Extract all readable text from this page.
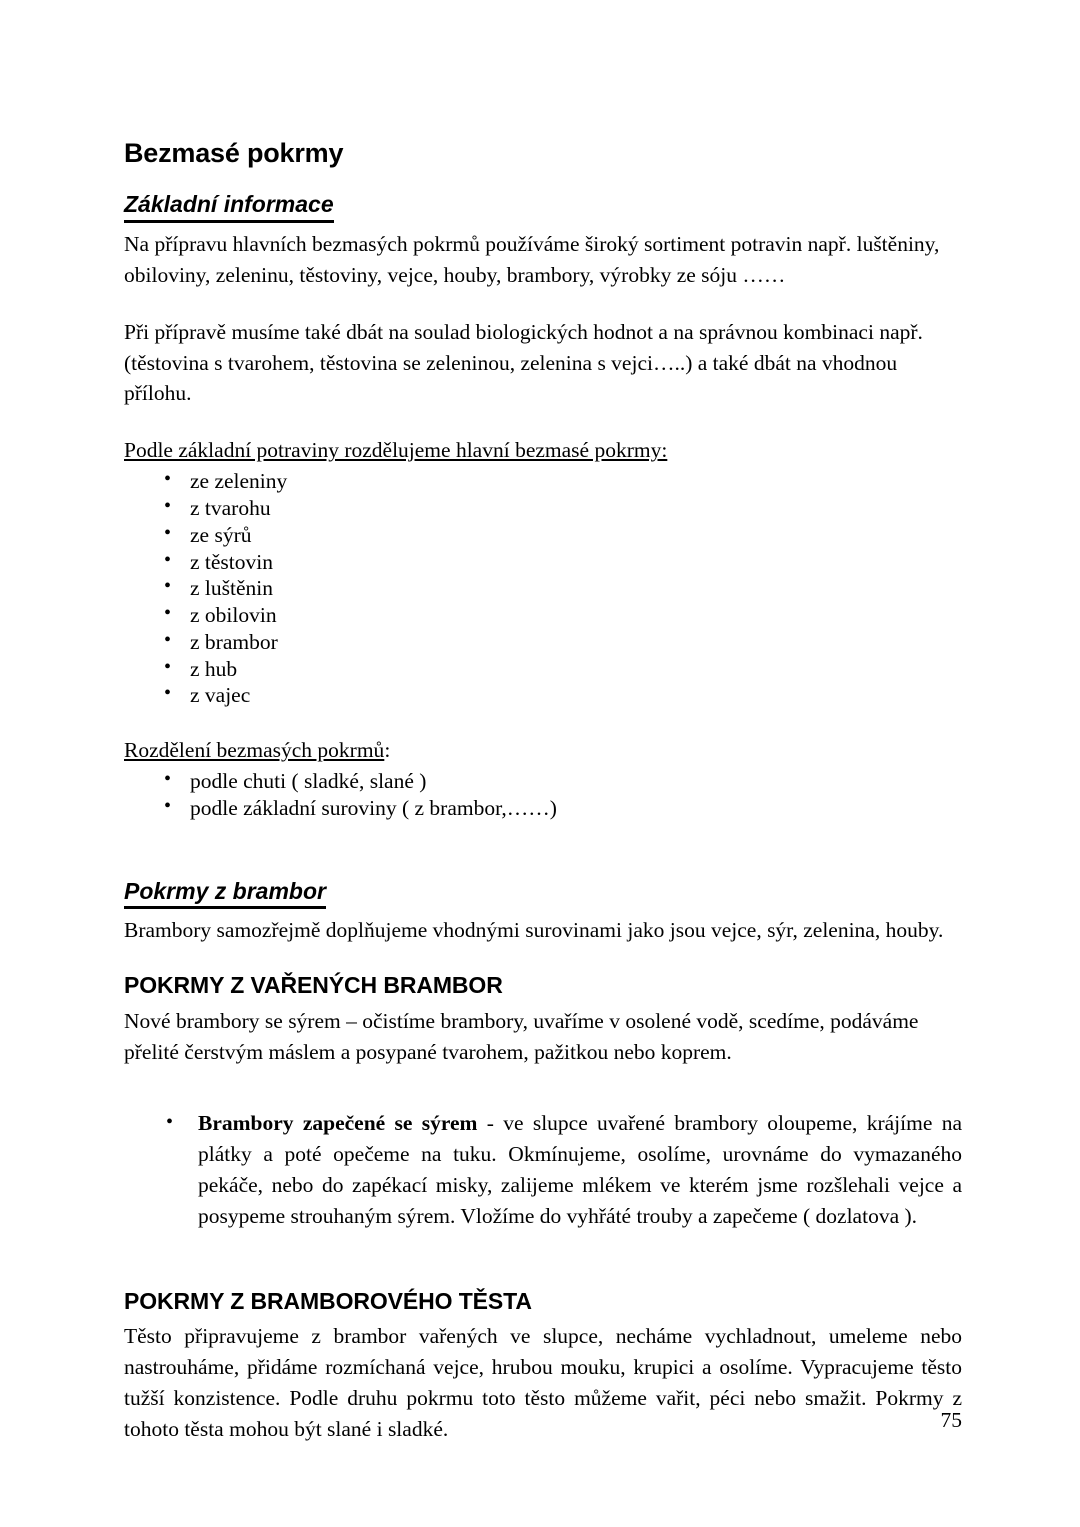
Bezmasé pokrmy
Základní informace

Na přípravu hlavních bezmasých pokrmů používáme široký sortiment potravin např. luštěniny, obiloviny, zeleninu, těstoviny, vejce, houby, brambory, výrobky ze sóju ……

Při přípravě musíme také dbát na soulad biologických hodnot a na správnou kombinaci např. (těstovina s tvarohem, těstovina se zeleninou, zelenina s vejci…..) a také dbát na vhodnou přílohu.

Podle základní potraviny rozdělujeme hlavní bezmasé pokrmy:

• ze zeleniny
• z tvarohu
• ze sýrů
• z těstovin
• z luštěnin
• z obilovin
• z brambor
• z hub
• z vajec

Rozdělení bezmasých pokrmů:

• podle chuti ( sladké, slané )
• podle základní suroviny ( z brambor,……)
Pokrmy z brambor

Brambory samozřejmě doplňujeme vhodnými surovinami jako jsou vejce, sýr, zelenina, houby.

POKRMY Z VAŘENÝCH BRAMBOR

Nové brambory se sýrem – očistíme brambory, uvaříme v osolené vodě, scedíme, podáváme přelité čerstvým máslem a posypané tvarohem, pažitkou nebo koprem.

• Brambory zapečené se sýrem - ve slupce uvařené brambory oloupeme, krájíme na plátky a poté opečeme na tuku. Okmínujeme, osolíme, urovnáme do vymazaného pekáče, nebo do zapékací misky, zalijeme mlékem ve kterém jsme rozšlehali vejce a posypeme strouhaným sýrem. Vložíme do vyhřáté trouby a zapečeme ( dozlatova ).
POKRMY Z BRAMBOROVÉHO TĚSTA

Těsto připravujeme z brambor vařených ve slupce, necháme vychladnout, umeleme nebo nastrouháme, přidáme rozmíchaná vejce, hrubou mouku, krupici a osolíme. Vypracujeme těsto tužší konzistence. Podle druhu pokrmu toto těsto můžeme vařit, péci nebo smažit. Pokrmy z tohoto těsta mohou být slané i sladké.	75
